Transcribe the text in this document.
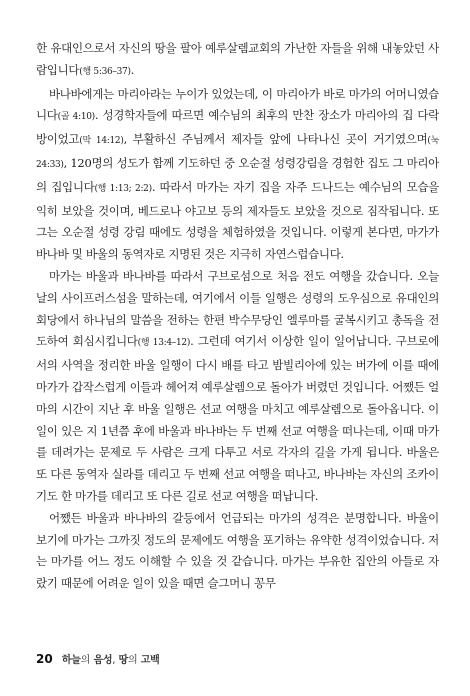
한 유대인으로서 자신의 땅을 팔아 예루살렘교회의 가난한 자들을 위해 내놓았던 사람입니다(행 5:36–37).

바나바에게는 마리아라는 누이가 있었는데, 이 마리아가 바로 마가의 어머니였습니다(골 4:10). 성경학자들에 따르면 예수님의 최후의 만찬 장소가 마리아의 집 다락방이었고(막 14:12), 부활하신 주님께서 제자들 앞에 나타나신 곳이 거기였으며(눅 24:33), 120명의 성도가 함께 기도하던 중 오순절 성령강림을 경험한 집도 그 마리아의 집입니다(행 1:13; 2:2). 따라서 마가는 자기 집을 자주 드나드는 예수님의 모습을 익히 보았을 것이며, 베드로나 야고보 등의 제자들도 보았을 것으로 짐작됩니다. 또 그는 오순절 성령 강림 때에도 성령을 체험하였을 것입니다. 이렇게 본다면, 마가가 바나바 및 바울의 동역자로 지명된 것은 지극히 자연스럽습니다.

마가는 바울과 바나바를 따라서 구브로섬으로 처음 전도 여행을 갔습니다. 오늘날의 사이프러스섬을 말하는데, 여기에서 이들 일행은 성령의 도우심으로 유대인의 회당에서 하나님의 말씀을 전하는 한편 박수무당인 엘루마를 굴복시키고 총독을 전도하여 회심시킵니다(행 13:4–12). 그런데 여기서 이상한 일이 일어납니다. 구브로에서의 사역을 정리한 바울 일행이 다시 배를 타고 밤빌리아에 있는 버가에 이를 때에 마가가 갑작스럽게 이들과 헤어져 예루살렘으로 돌아가 버렸던 것입니다. 어쨌든 얼마의 시간이 지난 후 바울 일행은 선교 여행을 마치고 예루살렘으로 돌아옵니다. 이 일이 있은 지 1년쯤 후에 바울과 바나바는 두 번째 선교 여행을 떠나는데, 이때 마가를 데려가는 문제로 두 사람은 크게 다투고 서로 각자의 길을 가게 됩니다. 바울은 또 다른 동역자 실라를 데리고 두 번째 선교 여행을 떠나고, 바나바는 자신의 조카이기도 한 마가를 데리고 또 다른 길로 선교 여행을 떠납니다.

어쨌든 바울과 바나바의 갈등에서 언급되는 마가의 성격은 분명합니다. 바울이 보기에 마가는 그까짓 정도의 문제에도 여행을 포기하는 유약한 성격이었습니다. 저는 마가를 어느 정도 이해할 수 있을 것 같습니다. 마가는 부유한 집안의 아들로 자랐기 때문에 어려운 일이 있을 때면 슬그머니 꽁무

20 하늘의 음성, 땅의 고백
